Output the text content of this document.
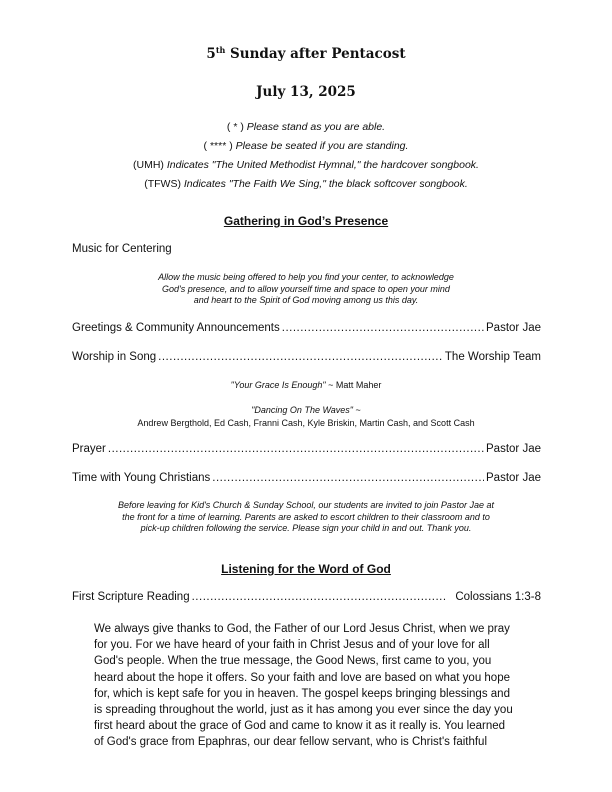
5th Sunday after Pentacost
July 13, 2025
( * ) Please stand as you are able.
( **** ) Please be seated if you are standing.
(UMH) Indicates "The United Methodist Hymnal," the hardcover songbook.
(TFWS) Indicates "The Faith We Sing," the black softcover songbook.
Gathering in God’s Presence
Music for Centering
Allow the music being offered to help you find your center, to acknowledge
God's presence, and to allow yourself time and space to open your mind
and heart to the Spirit of God moving among us this day.
Greetings & Community Announcements .....	Pastor Jae
Worship in Song .....	The Worship Team
"Your Grace Is Enough" ~ Matt Maher
"Dancing On The Waves" ~
Andrew Bergthold, Ed Cash, Franni Cash, Kyle Briskin, Martin Cash, and Scott Cash
Prayer .....	Pastor Jae
Time with Young Christians .....	Pastor Jae
Before leaving for Kid's Church & Sunday School, our students are invited to join Pastor Jae at
the front for a time of learning. Parents are asked to escort children to their classroom and to
pick-up children following the service. Please sign your child in and out. Thank you.
Listening for the Word of God
First Scripture Reading .....	Colossians 1:3-8
We always give thanks to God, the Father of our Lord Jesus Christ, when we pray
for you. For we have heard of your faith in Christ Jesus and of your love for all
God's people. When the true message, the Good News, first came to you, you
heard about the hope it offers. So your faith and love are based on what you hope
for, which is kept safe for you in heaven. The gospel keeps bringing blessings and
is spreading throughout the world, just as it has among you ever since the day you
first heard about the grace of God and came to know it as it really is. You learned
of God's grace from Epaphras, our dear fellow servant, who is Christ's faithful
